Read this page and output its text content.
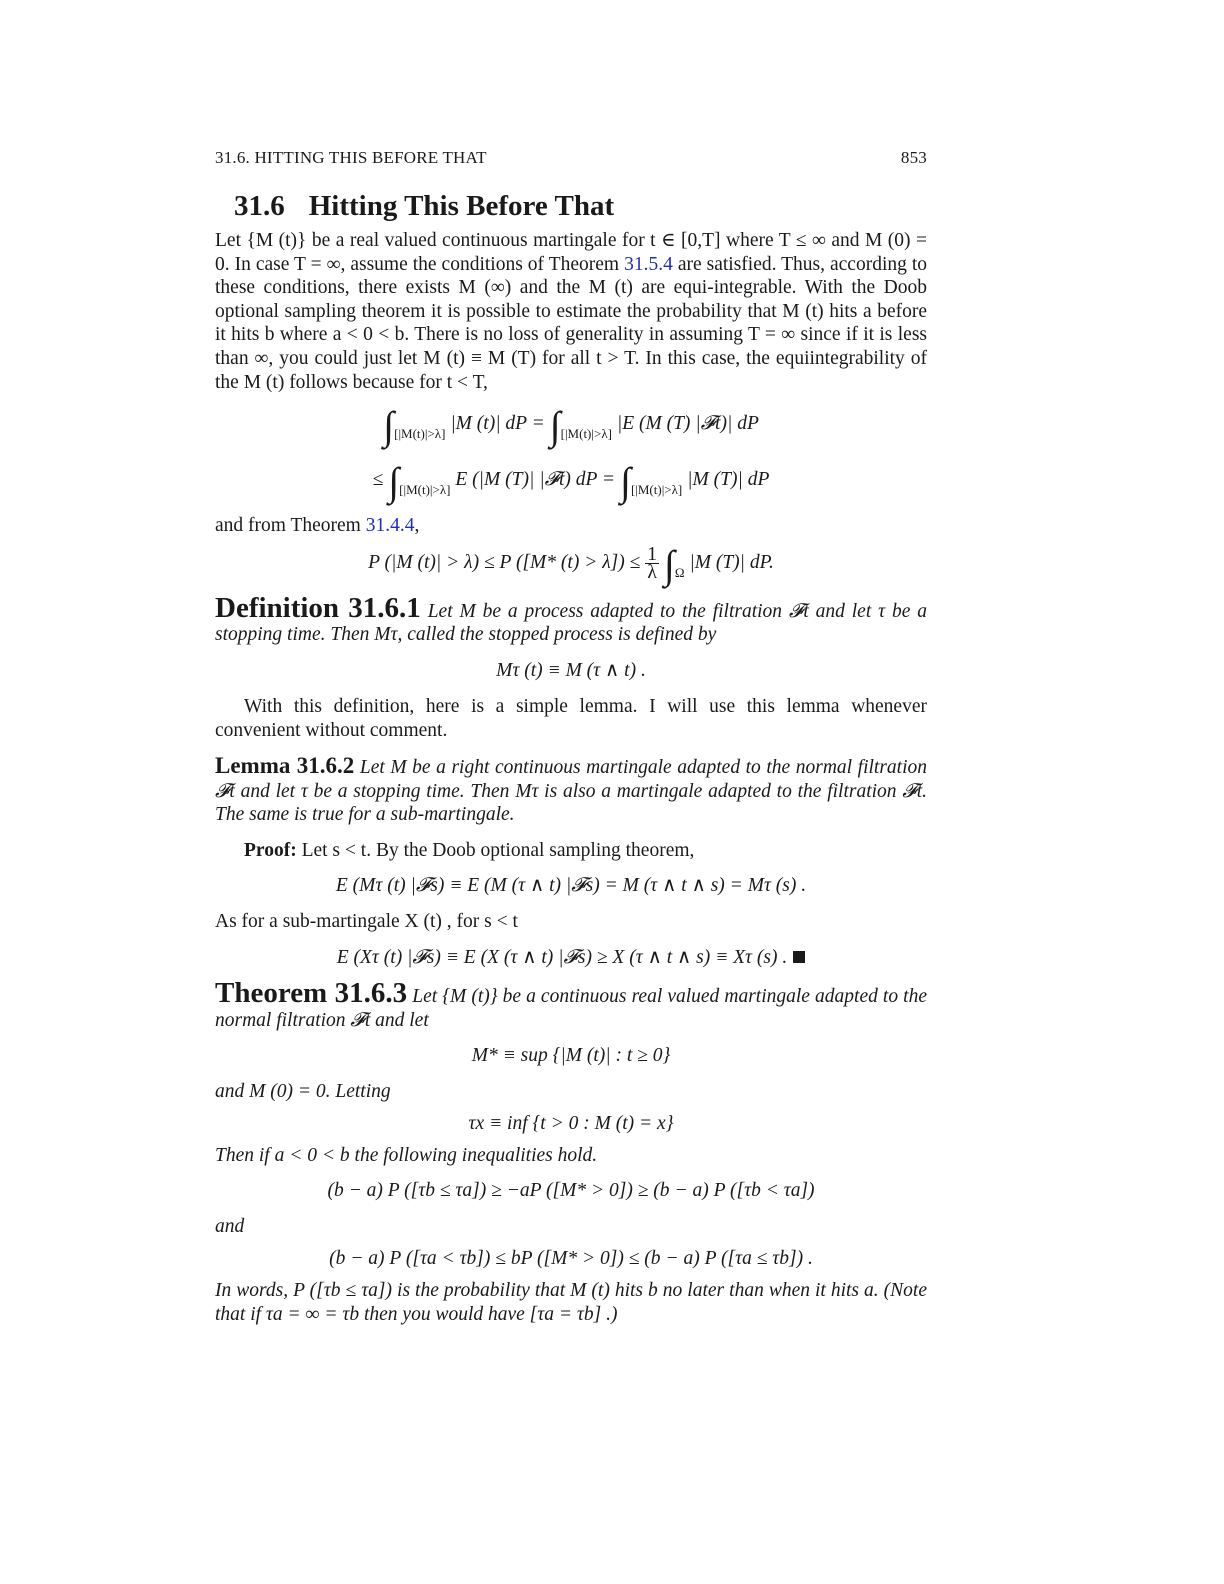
31.6. HITTING THIS BEFORE THAT	853
31.6 Hitting This Before That

Let {M (t)} be a real valued continuous martingale for t ∈ [0,T] where T ≤ ∞ and M (0) = 0. In case T = ∞, assume the conditions of Theorem 31.5.4 are satisfied. Thus, according to these conditions, there exists M (∞) and the M (t) are equi-integrable. With the Doob optional sampling theorem it is possible to estimate the probability that M (t) hits a before it hits b where a < 0 < b. There is no loss of generality in assuming T = ∞ since if it is less than ∞, you could just let M (t) ≡ M (T) for all t > T. In this case, the equiintegrability of the M (t) follows because for t < T,

$\int_{[|M(t)|>\lambda]}$ |M (t)| dP = $\int_{[|M(t)|>\lambda]}$ |E (M (T) |𝓕t)| dP
≤ $\int_{[|M(t)|>\lambda]}$ E (|M (T)| |𝓕t) dP = $\int_{[|M(t)|>\lambda]}$ |M (T)| dP

and from Theorem 31.4.4,

P (|M (t)| > λ) ≤ P ([M* $(t) > \lambda]) \le \frac{1}{\lambda} \int_\Omega$ |M (T)| dP.

Definition 31.6.1 Let M be a process adapted to the filtration 𝓕t and let τ be a stopping time. Then Mτ, called the stopped process is defined by

Mτ (t) ≡ M (τ ∧ t) .

With this definition, here is a simple lemma. I will use this lemma whenever convenient without comment.

Lemma 31.6.2 Let M be a right continuous martingale adapted to the normal filtration 𝓕t and let τ be a stopping time. Then Mτ is also a martingale adapted to the filtration 𝓕t. The same is true for a sub-martingale.

Proof: Let s < t. By the Doob optional sampling theorem,

E (Mτ (t) |𝓕s) ≡ E (M (τ ∧ t) |𝓕s) = M (τ ∧ t ∧ s) = Mτ (s) .

As for a sub-martingale X (t) , for s < t

E (Xτ (t) |𝓕s) ≡ E (X (τ ∧ t) |𝓕s) ≥ X (τ ∧ t ∧ s) ≡ Xτ (s) .

Theorem 31.6.3 Let {M (t)} be a continuous real valued martingale adapted to the normal filtration 𝓕t and let

M* ≡ sup {|M (t)| : t ≥ 0}

and M (0) = 0. Letting

τx ≡ inf {t > 0 : M (t) = x}

Then if a < 0 < b the following inequalities hold.

(b − a) P ([τb ≤ τa]) ≥ −aP ([M* > 0]) ≥ (b − a) P ([τb < τa])

and

(b − a) P ([τa < τb]) ≤ bP ([M* > 0]) ≤ (b − a) P ([τa ≤ τb]) .

In words, P ([τb ≤ τa]) is the probability that M (t) hits b no later than when it hits a. (Note that if τa = ∞ = τb then you would have [τa = τb] .)
